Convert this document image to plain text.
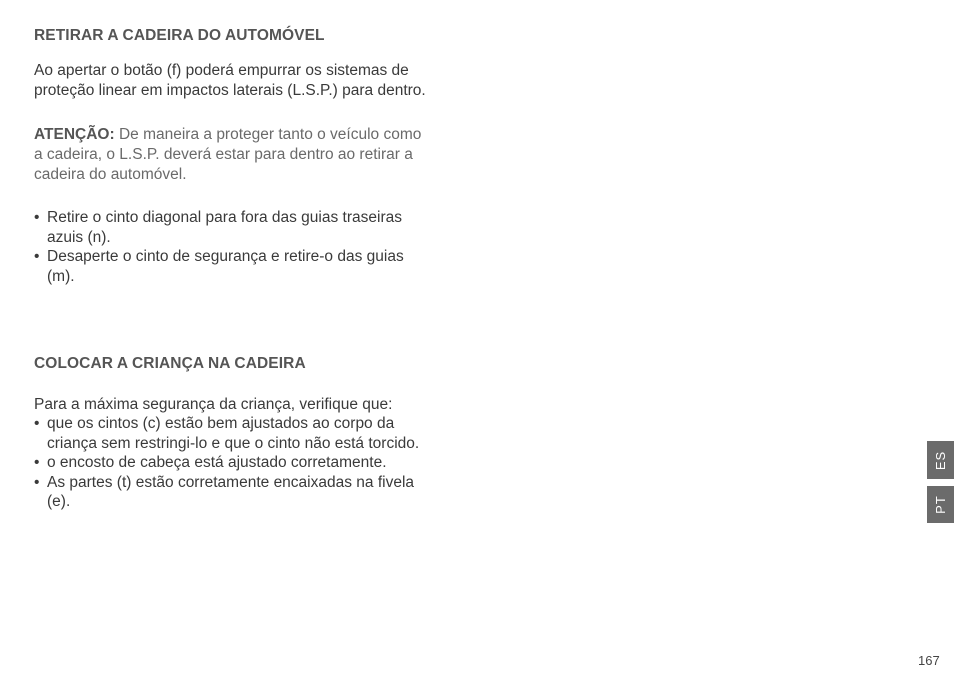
RETIRAR A CADEIRA DO AUTOMÓVEL
Ao apertar o botão (f) poderá empurrar os sistemas de
proteção linear em impactos laterais (L.S.P.) para dentro.
ATENÇÃO: De maneira a proteger tanto o veículo como
a cadeira, o L.S.P. deverá estar para dentro ao retirar a
cadeira do automóvel.
• Retire o cinto diagonal para fora das guias traseiras
azuis (n).
• Desaperte o cinto de segurança e retire-o das guias
(m).
COLOCAR A CRIANÇA NA CADEIRA
Para a máxima segurança da criança, verifique que:
• que os cintos (c) estão bem ajustados ao corpo da
criança sem restringi-lo e que o cinto não está torcido.
• o encosto de cabeça está ajustado corretamente.
• As partes (t) estão corretamente encaixadas na fivela
(e).
ES
PT
167
